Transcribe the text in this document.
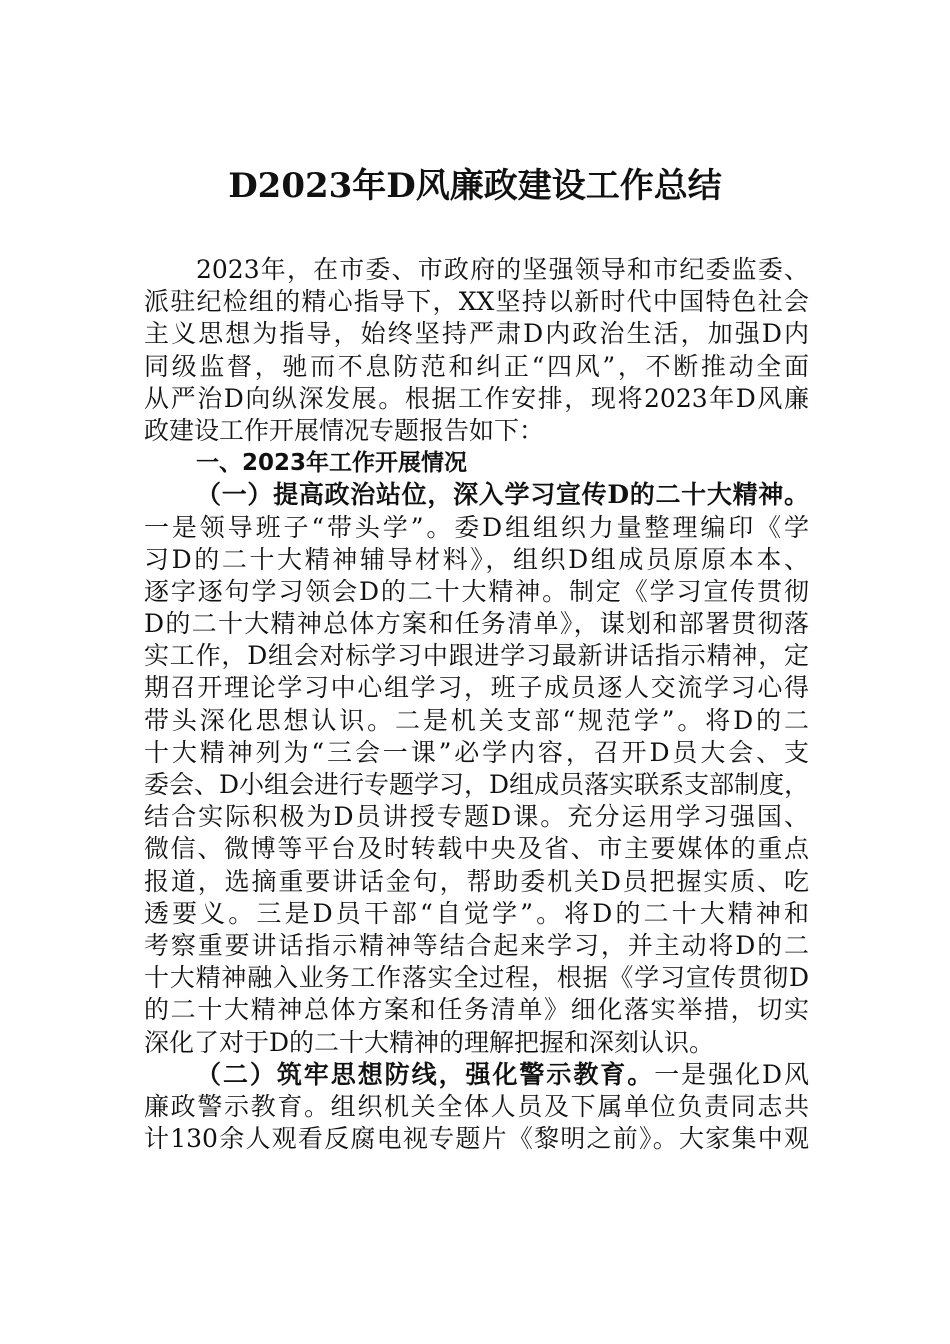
D2023年D风廉政建设工作总结
2023年，在市委、市政府的坚强领导和市纪委监委、
派驻纪检组的精心指导下，XX坚持以新时代中国特色社会
主义思想为指导，始终坚持严肃D内政治生活，加强D内
同级监督，驰而不息防范和纠正“四风”，不断推动全面
从严治D向纵深发展。根据工作安排，现将2023年D风廉
政建设工作开展情况专题报告如下：
一、2023年工作开展情况
（一）提高政治站位，深入学习宣传D的二十大精神。
一是领导班子“带头学”。委D组组织力量整理编印《学
习D的二十大精神辅导材料》，组织D组成员原原本本、
逐字逐句学习领会D的二十大精神。制定《学习宣传贯彻
D的二十大精神总体方案和任务清单》，谋划和部署贯彻落
实工作，D组会对标学习中跟进学习最新讲话指示精神，定
期召开理论学习中心组学习，班子成员逐人交流学习心得
带头深化思想认识。二是机关支部“规范学”。将D的二
十大精神列为“三会一课”必学内容，召开D员大会、支
委会、D小组会进行专题学习，D组成员落实联系支部制度，
结合实际积极为D员讲授专题D课。充分运用学习强国、
微信、微博等平台及时转载中央及省、市主要媒体的重点
报道，选摘重要讲话金句，帮助委机关D员把握实质、吃
透要义。三是D员干部“自觉学”。将D的二十大精神和
考察重要讲话指示精神等结合起来学习，并主动将D的二
十大精神融入业务工作落实全过程，根据《学习宣传贯彻D
的二十大精神总体方案和任务清单》细化落实举措，切实
深化了对于D的二十大精神的理解把握和深刻认识。
（二）筑牢思想防线，强化警示教育。一是强化D风
廉政警示教育。组织机关全体人员及下属单位负责同志共
计130余人观看反腐电视专题片《黎明之前》。大家集中观
